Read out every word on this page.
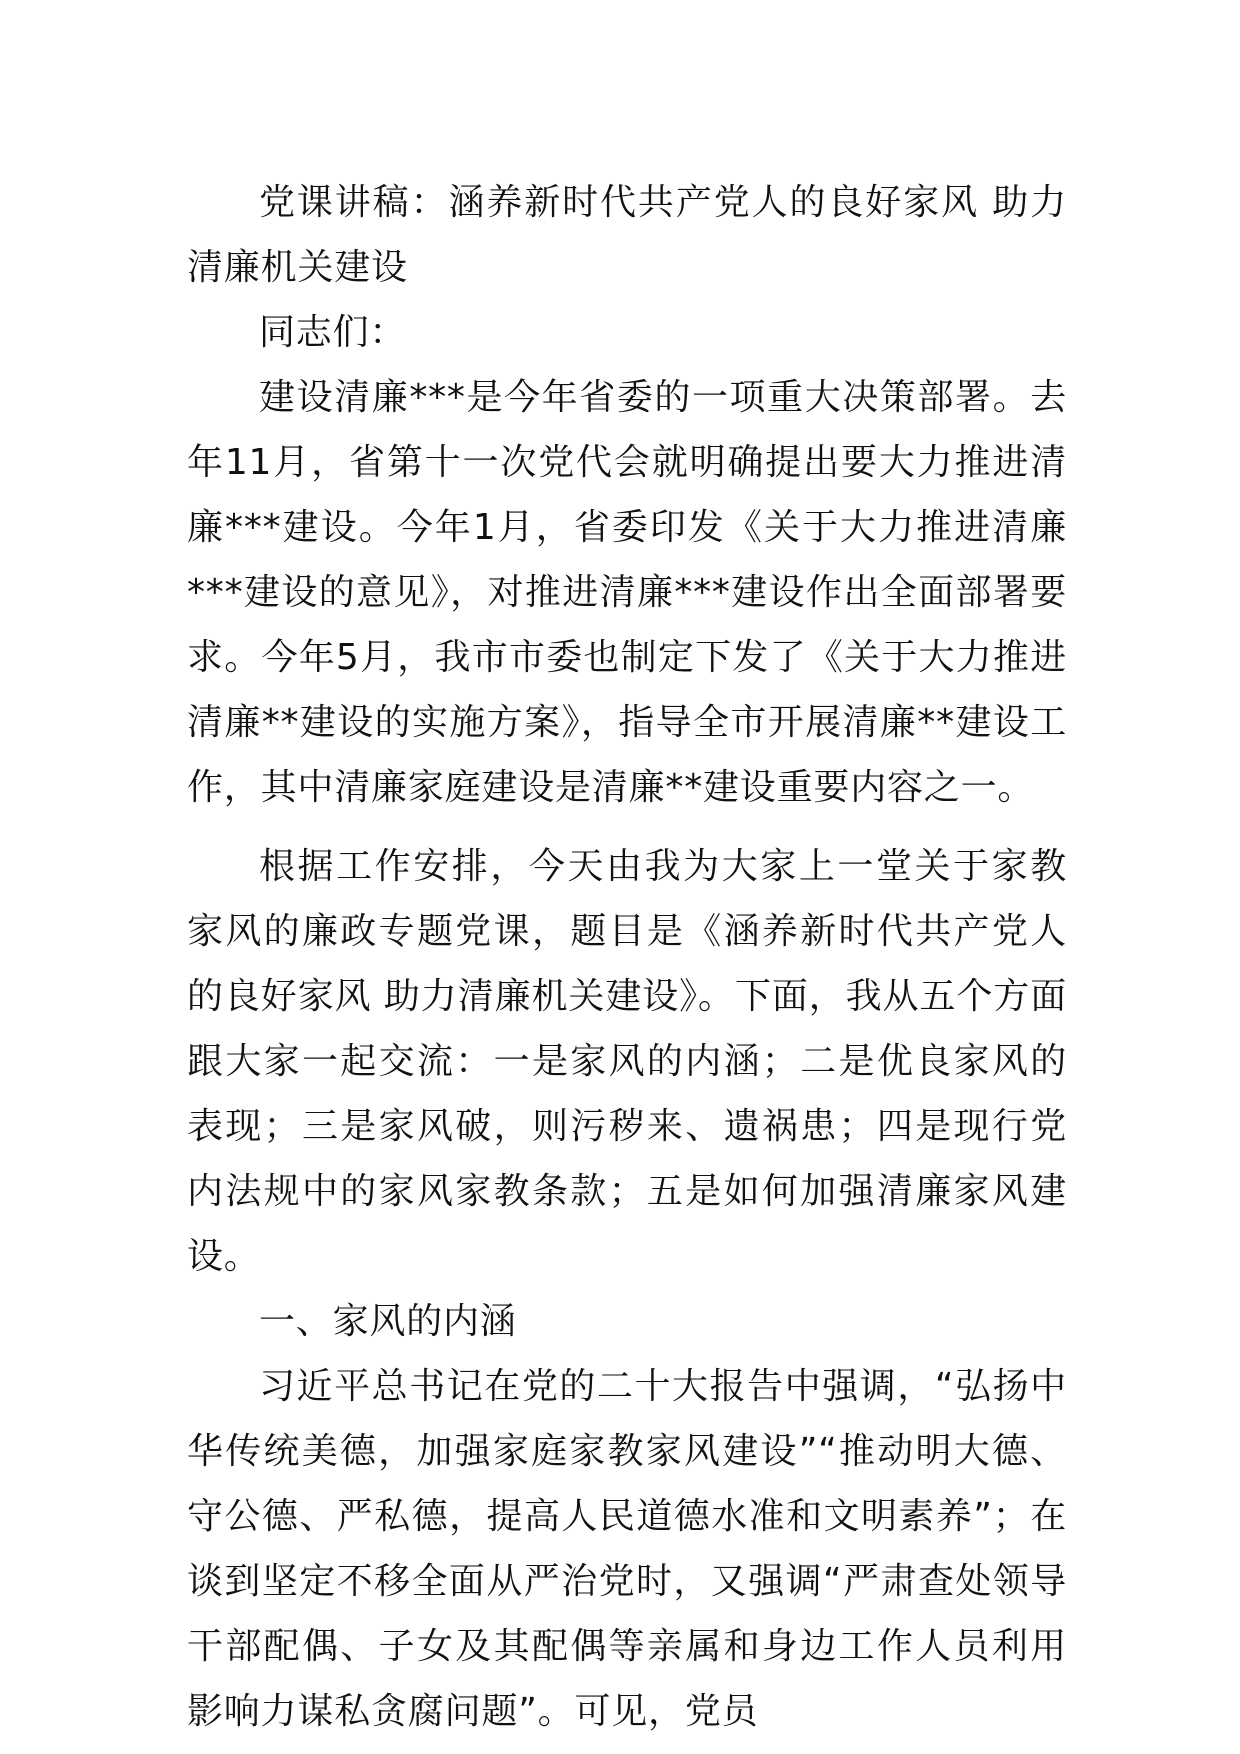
党课讲稿：涵养新时代共产党人的良好家风 助力清廉机关建设

同志们：

建设清廉***是今年省委的一项重大决策部署。去年11月，省第十一次党代会就明确提出要大力推进清廉***建设。今年1月，省委印发《关于大力推进清廉***建设的意见》，对推进清廉***建设作出全面部署要求。今年5月，我市市委也制定下发了《关于大力推进清廉**建设的实施方案》，指导全市开展清廉**建设工作，其中清廉家庭建设是清廉**建设重要内容之一。

根据工作安排，今天由我为大家上一堂关于家教家风的廉政专题党课，题目是《涵养新时代共产党人的良好家风 助力清廉机关建设》。下面，我从五个方面跟大家一起交流：一是家风的内涵；二是优良家风的表现；三是家风破，则污秽来、遗祸患；四是现行党内法规中的家风家教条款；五是如何加强清廉家风建设。

一、家风的内涵

习近平总书记在党的二十大报告中强调，“弘扬中华传统美德，加强家庭家教家风建设”“推动明大德、守公德、严私德，提高人民道德水准和文明素养”；在谈到坚定不移全面从严治党时，又强调“严肃查处领导干部配偶、子女及其配偶等亲属和身边工作人员利用影响力谋私贪腐问题”。可见，党员
